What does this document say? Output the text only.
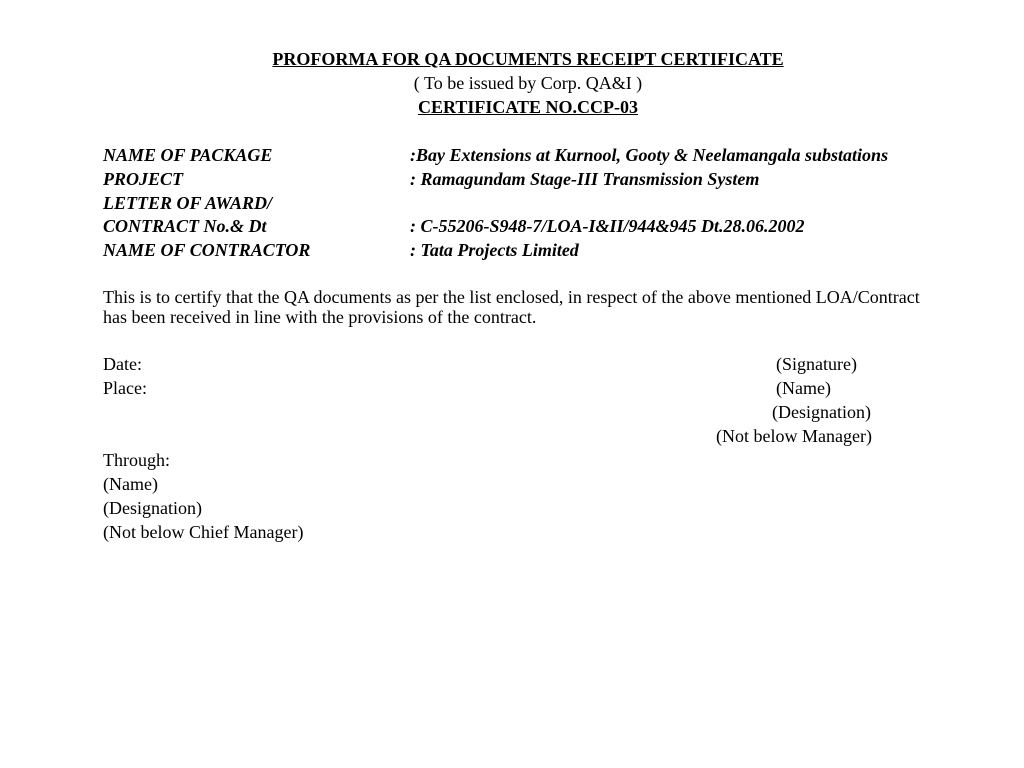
PROFORMA FOR QA DOCUMENTS RECEIPT CERTIFICATE
( To be issued by Corp. QA&I )
CERTIFICATE NO.CCP-03
NAME OF PACKAGE	:Bay Extensions at Kurnool, Gooty & Neelamangala substations
PROJECT	: Ramagundam Stage-III Transmission System
LETTER OF AWARD/
CONTRACT No.& Dt	: C-55206-S948-7/LOA-I&II/944&945 Dt.28.06.2002
NAME OF CONTRACTOR	: Tata Projects Limited
This is to certify that the QA documents as per the list enclosed, in respect of the above mentioned LOA/Contract has been received in line with the provisions of the contract.
Date:	(Signature)
Place:	(Name)
(Designation)
(Not below Manager)
Through:
(Name)
(Designation)
(Not below Chief Manager)
